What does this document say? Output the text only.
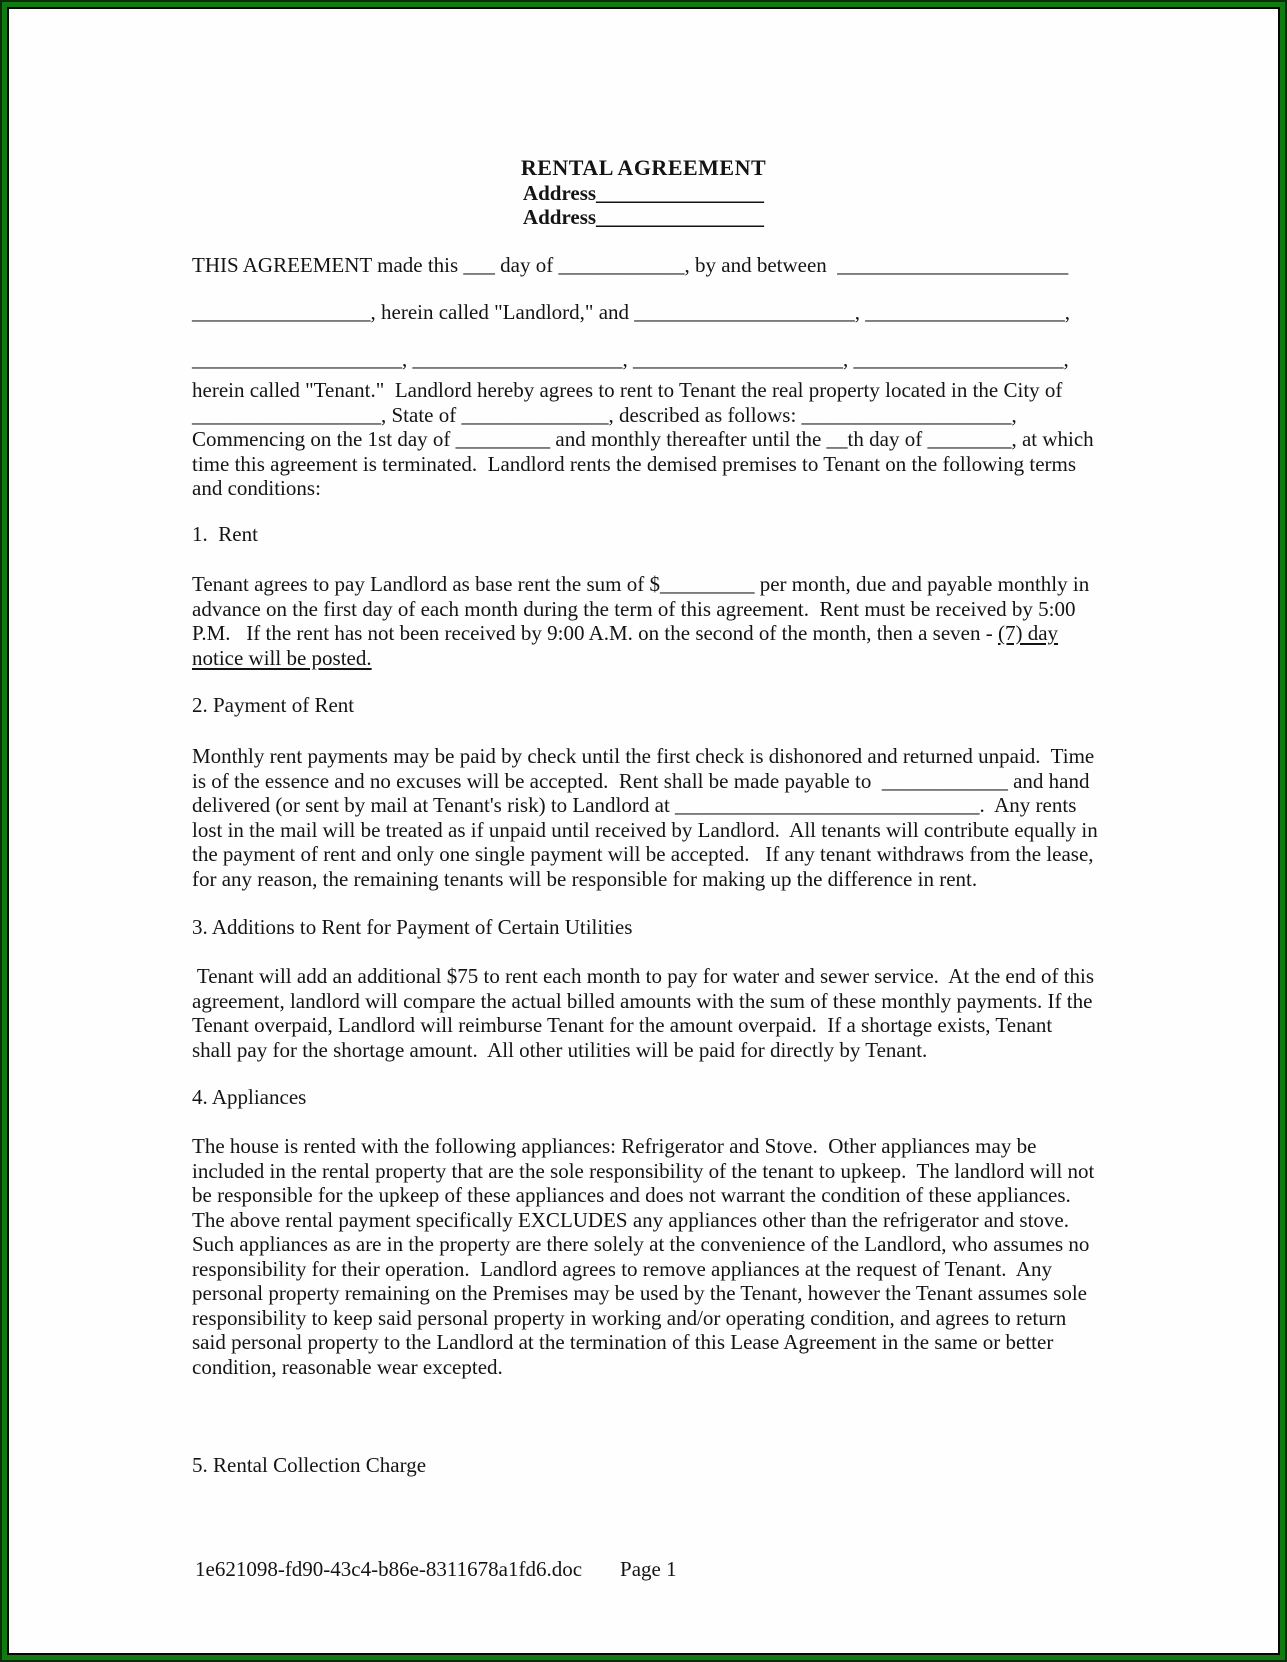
RENTAL AGREEMENT
Address________________
Address________________
THIS AGREEMENT made this ___ day of ____________, by and between  ______________________
_________________, herein called "Landlord," and _____________________, ___________________,
____________________, ____________________, ____________________, ____________________,
herein called "Tenant."  Landlord hereby agrees to rent to Tenant the real property located in the City of
__________________, State of ______________, described as follows: ____________________,
Commencing on the 1st day of _________ and monthly thereafter until the __th day of ________, at which
time this agreement is terminated.  Landlord rents the demised premises to Tenant on the following terms
and conditions:
1.  Rent
Tenant agrees to pay Landlord as base rent the sum of $_________ per month, due and payable monthly in
advance on the first day of each month during the term of this agreement.  Rent must be received by 5:00
P.M.   If the rent has not been received by 9:00 A.M. on the second of the month, then a seven - (7) day
notice will be posted.
2. Payment of Rent
Monthly rent payments may be paid by check until the first check is dishonored and returned unpaid.  Time
is of the essence and no excuses will be accepted.  Rent shall be made payable to  ____________ and hand
delivered (or sent by mail at Tenant's risk) to Landlord at _____________________________.  Any rents
lost in the mail will be treated as if unpaid until received by Landlord.  All tenants will contribute equally in
the payment of rent and only one single payment will be accepted.   If any tenant withdraws from the lease,
for any reason, the remaining tenants will be responsible for making up the difference in rent.
3. Additions to Rent for Payment of Certain Utilities
Tenant will add an additional $75 to rent each month to pay for water and sewer service.  At the end of this
agreement, landlord will compare the actual billed amounts with the sum of these monthly payments. If the
Tenant overpaid, Landlord will reimburse Tenant for the amount overpaid.  If a shortage exists, Tenant
shall pay for the shortage amount.  All other utilities will be paid for directly by Tenant.
4. Appliances
The house is rented with the following appliances: Refrigerator and Stove.  Other appliances may be
included in the rental property that are the sole responsibility of the tenant to upkeep.  The landlord will not
be responsible for the upkeep of these appliances and does not warrant the condition of these appliances.
The above rental payment specifically EXCLUDES any appliances other than the refrigerator and stove.
Such appliances as are in the property are there solely at the convenience of the Landlord, who assumes no
responsibility for their operation.  Landlord agrees to remove appliances at the request of Tenant.  Any
personal property remaining on the Premises may be used by the Tenant, however the Tenant assumes sole
responsibility to keep said personal property in working and/or operating condition, and agrees to return
said personal property to the Landlord at the termination of this Lease Agreement in the same or better
condition, reasonable wear excepted.
5. Rental Collection Charge
1e621098-fd90-43c4-b86e-8311678a1fd6.doc Page 1
